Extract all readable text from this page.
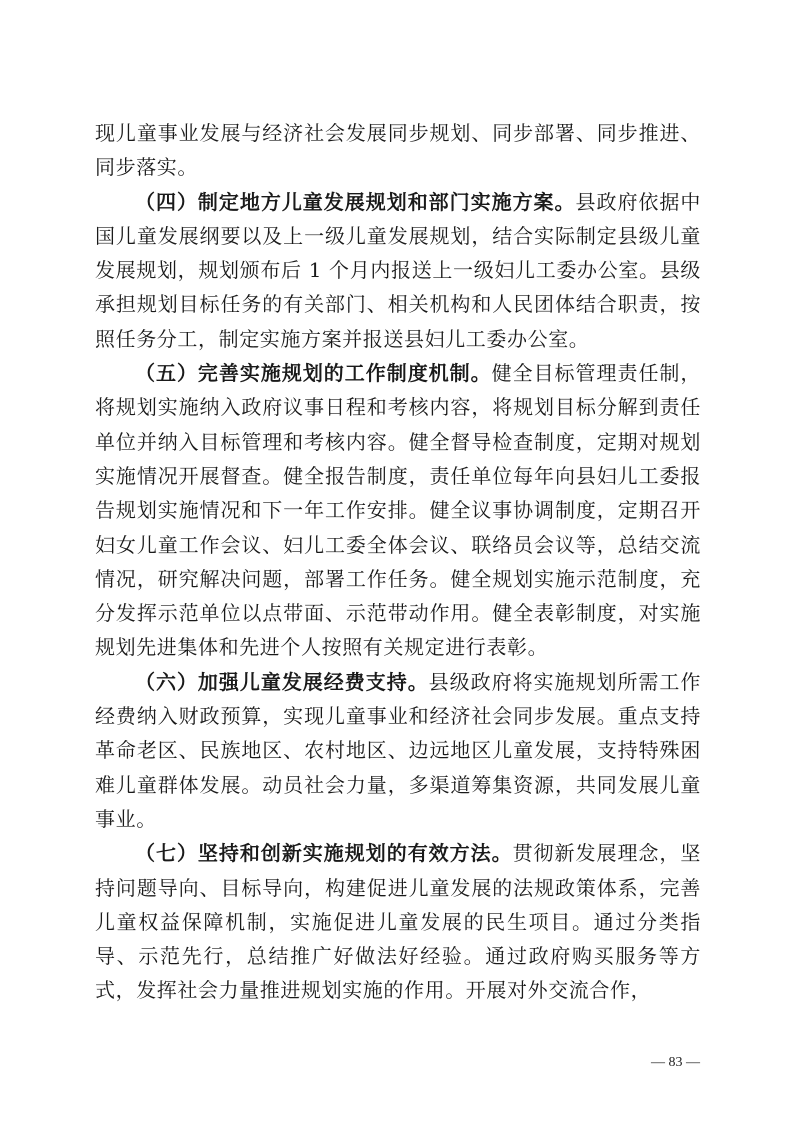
现儿童事业发展与经济社会发展同步规划、同步部署、同步推进、同步落实。

（四）制定地方儿童发展规划和部门实施方案。县政府依据中国儿童发展纲要以及上一级儿童发展规划，结合实际制定县级儿童发展规划，规划颁布后 1 个月内报送上一级妇儿工委办公室。县级承担规划目标任务的有关部门、相关机构和人民团体结合职责，按照任务分工，制定实施方案并报送县妇儿工委办公室。

（五）完善实施规划的工作制度机制。健全目标管理责任制，将规划实施纳入政府议事日程和考核内容，将规划目标分解到责任单位并纳入目标管理和考核内容。健全督导检查制度，定期对规划实施情况开展督查。健全报告制度，责任单位每年向县妇儿工委报告规划实施情况和下一年工作安排。健全议事协调制度，定期召开妇女儿童工作会议、妇儿工委全体会议、联络员会议等，总结交流情况，研究解决问题，部署工作任务。健全规划实施示范制度，充分发挥示范单位以点带面、示范带动作用。健全表彰制度，对实施规划先进集体和先进个人按照有关规定进行表彰。

（六）加强儿童发展经费支持。县级政府将实施规划所需工作经费纳入财政预算，实现儿童事业和经济社会同步发展。重点支持革命老区、民族地区、农村地区、边远地区儿童发展，支持特殊困难儿童群体发展。动员社会力量，多渠道筹集资源，共同发展儿童事业。

（七）坚持和创新实施规划的有效方法。贯彻新发展理念，坚持问题导向、目标导向，构建促进儿童发展的法规政策体系，完善儿童权益保障机制，实施促进儿童发展的民生项目。通过分类指导、示范先行，总结推广好做法好经验。通过政府购买服务等方式，发挥社会力量推进规划实施的作用。开展对外交流合作，

— 83 —
